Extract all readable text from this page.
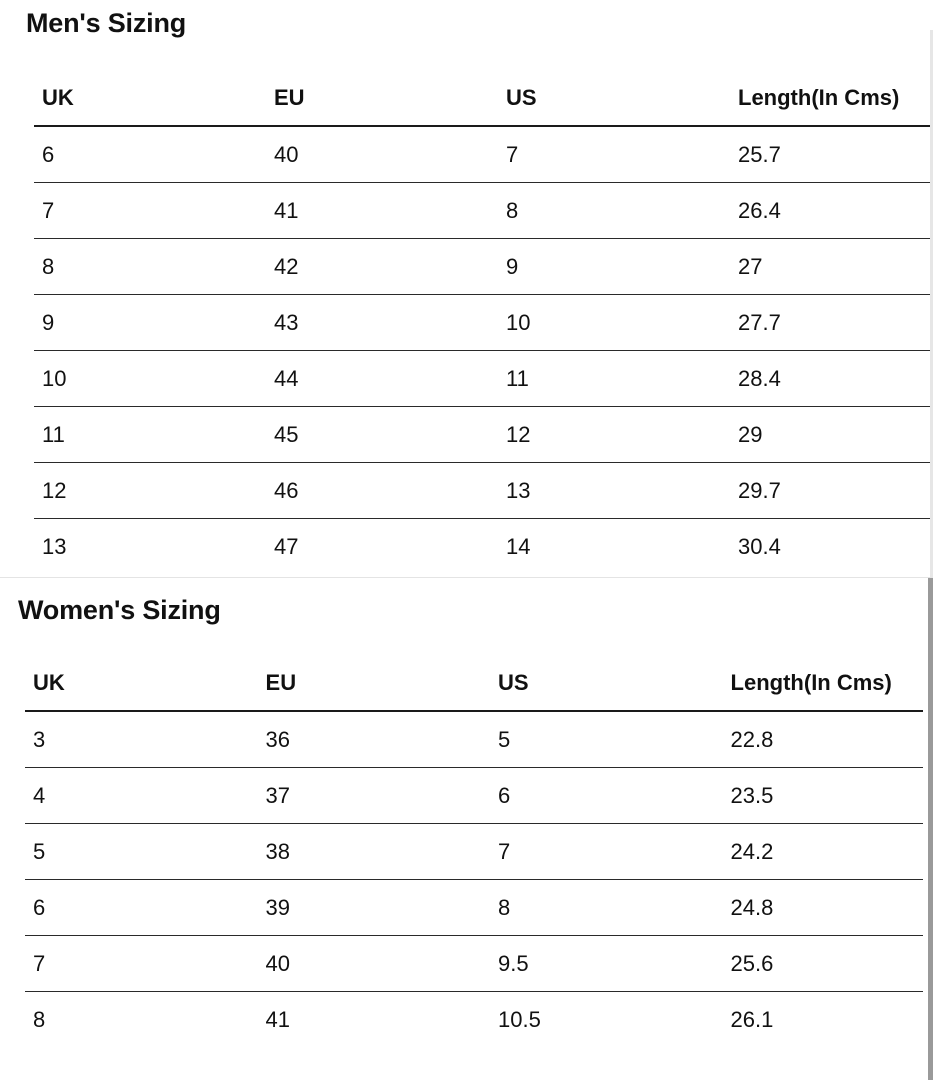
Men's Sizing
UK	EU	US	Length(In Cms)
6	40	7	25.7
7	41	8	26.4
8	42	9	27
9	43	10	27.7
10	44	11	28.4
11	45	12	29
12	46	13	29.7
13	47	14	30.4
Women's Sizing
UK	EU	US	Length(In Cms)
3	36	5	22.8
4	37	6	23.5
5	38	7	24.2
6	39	8	24.8
7	40	9.5	25.6
8	41	10.5	26.1
